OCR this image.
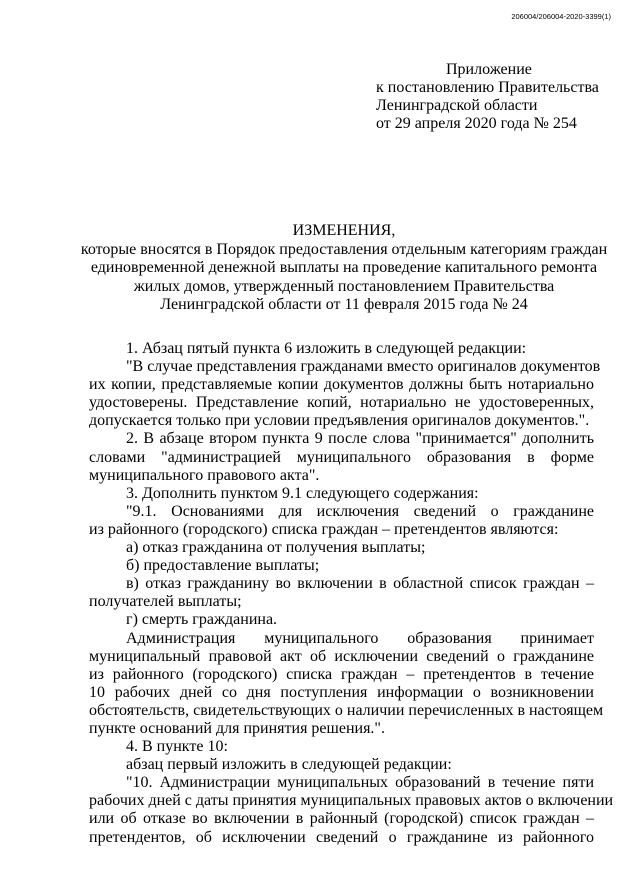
206004/206004-2020-3399(1)
Приложение
к постановлению Правительства
Ленинградской области
от 29 апреля 2020 года № 254
ИЗМЕНЕНИЯ,
которые вносятся в Порядок предоставления отдельным категориям граждан
единовременной денежной выплаты на проведение капитального ремонта
жилых домов, утвержденный постановлением Правительства
Ленинградской области от 11 февраля 2015 года № 24
1. Абзац пятый пункта 6 изложить в следующей редакции:
"В случае представления гражданами вместо оригиналов документов
их копии, представляемые копии документов должны быть нотариально
удостоверены. Представление копий, нотариально не удостоверенных,
допускается только при условии предъявления оригиналов документов.".
2. В абзаце втором пункта 9 после слова "принимается" дополнить
словами "администрацией муниципального образования в форме
муниципального правового акта".
3. Дополнить пунктом 9.1 следующего содержания:
"9.1. Основаниями для исключения сведений о гражданине
из районного (городского) списка граждан – претендентов являются:
а) отказ гражданина от получения выплаты;
б) предоставление выплаты;
в) отказ гражданину во включении в областной список граждан –
получателей выплаты;
г) смерть гражданина.
Администрация муниципального образования принимает
муниципальный правовой акт об исключении сведений о гражданине
из районного (городского) списка граждан – претендентов в течение
10 рабочих дней со дня поступления информации о возникновении
обстоятельств, свидетельствующих о наличии перечисленных в настоящем
пункте оснований для принятия решения.".
4. В пункте 10:
абзац первый изложить в следующей редакции:
"10. Администрации муниципальных образований в течение пяти
рабочих дней с даты принятия муниципальных правовых актов о включении
или об отказе во включении в районный (городской) список граждан –
претендентов, об исключении сведений о гражданине из районного
